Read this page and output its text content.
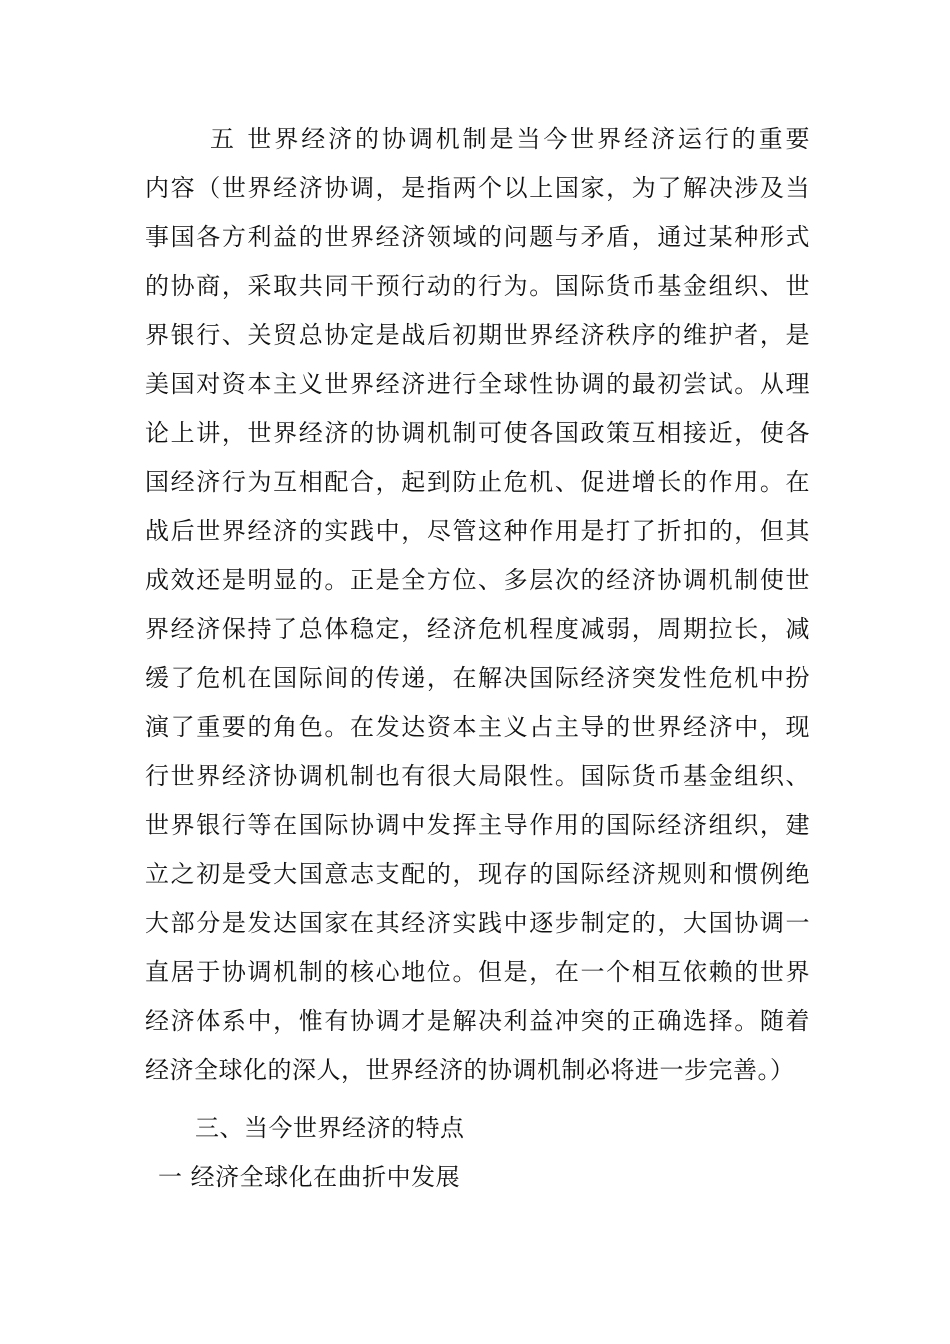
五 世界经济的协调机制是当今世界经济运行的重要
内容（世界经济协调，是指两个以上国家，为了解决涉及当
事国各方利益的世界经济领域的问题与矛盾，通过某种形式
的协商，采取共同干预行动的行为。国际货币基金组织、世
界银行、关贸总协定是战后初期世界经济秩序的维护者，是
美国对资本主义世界经济进行全球性协调的最初尝试。从理
论上讲，世界经济的协调机制可使各国政策互相接近，使各
国经济行为互相配合，起到防止危机、促进增长的作用。在
战后世界经济的实践中，尽管这种作用是打了折扣的，但其
成效还是明显的。正是全方位、多层次的经济协调机制使世
界经济保持了总体稳定，经济危机程度减弱，周期拉长，减
缓了危机在国际间的传递，在解决国际经济突发性危机中扮
演了重要的角色。在发达资本主义占主导的世界经济中，现
行世界经济协调机制也有很大局限性。国际货币基金组织、
世界银行等在国际协调中发挥主导作用的国际经济组织，建
立之初是受大国意志支配的，现存的国际经济规则和惯例绝
大部分是发达国家在其经济实践中逐步制定的，大国协调一
直居于协调机制的核心地位。但是，在一个相互依赖的世界
经济体系中，惟有协调才是解决利益冲突的正确选择。随着
经济全球化的深人，世界经济的协调机制必将进一步完善。）
三、当今世界经济的特点
一 经济全球化在曲折中发展
